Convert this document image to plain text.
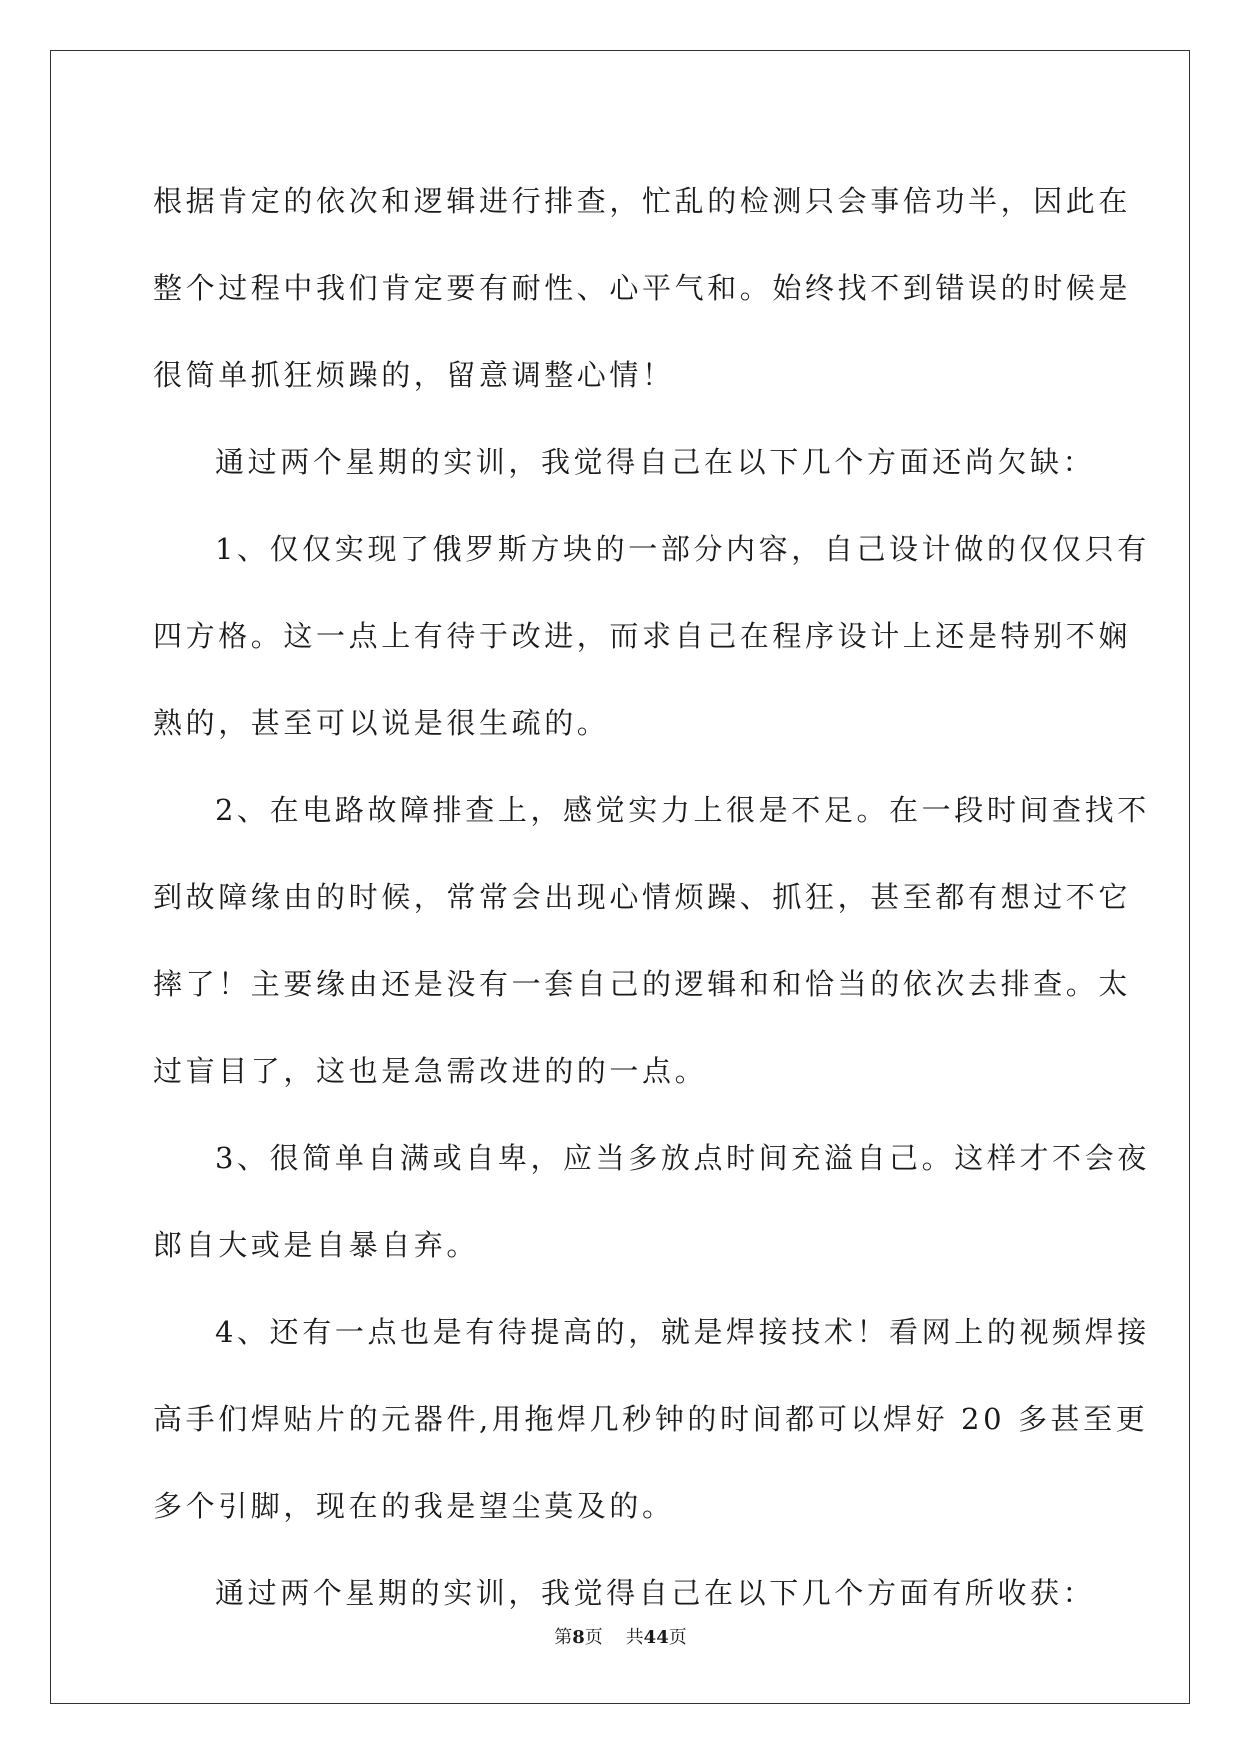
根据肯定的依次和逻辑进行排查，忙乱的检测只会事倍功半，因此在
整个过程中我们肯定要有耐性、心平气和。始终找不到错误的时候是
很简单抓狂烦躁的，留意调整心情！
通过两个星期的实训，我觉得自己在以下几个方面还尚欠缺：
1、仅仅实现了俄罗斯方块的一部分内容，自己设计做的仅仅只有
四方格。这一点上有待于改进，而求自己在程序设计上还是特别不娴
熟的，甚至可以说是很生疏的。
2、在电路故障排查上，感觉实力上很是不足。在一段时间查找不
到故障缘由的时候，常常会出现心情烦躁、抓狂，甚至都有想过不它
摔了！主要缘由还是没有一套自己的逻辑和和恰当的依次去排查。太
过盲目了，这也是急需改进的的一点。
3、很简单自满或自卑，应当多放点时间充溢自己。这样才不会夜
郎自大或是自暴自弃。
4、还有一点也是有待提高的，就是焊接技术！看网上的视频焊接
高手们焊贴片的元器件,用拖焊几秒钟的时间都可以焊好 20 多甚至更
多个引脚，现在的我是望尘莫及的。
通过两个星期的实训，我觉得自己在以下几个方面有所收获：
第8页 共44页
